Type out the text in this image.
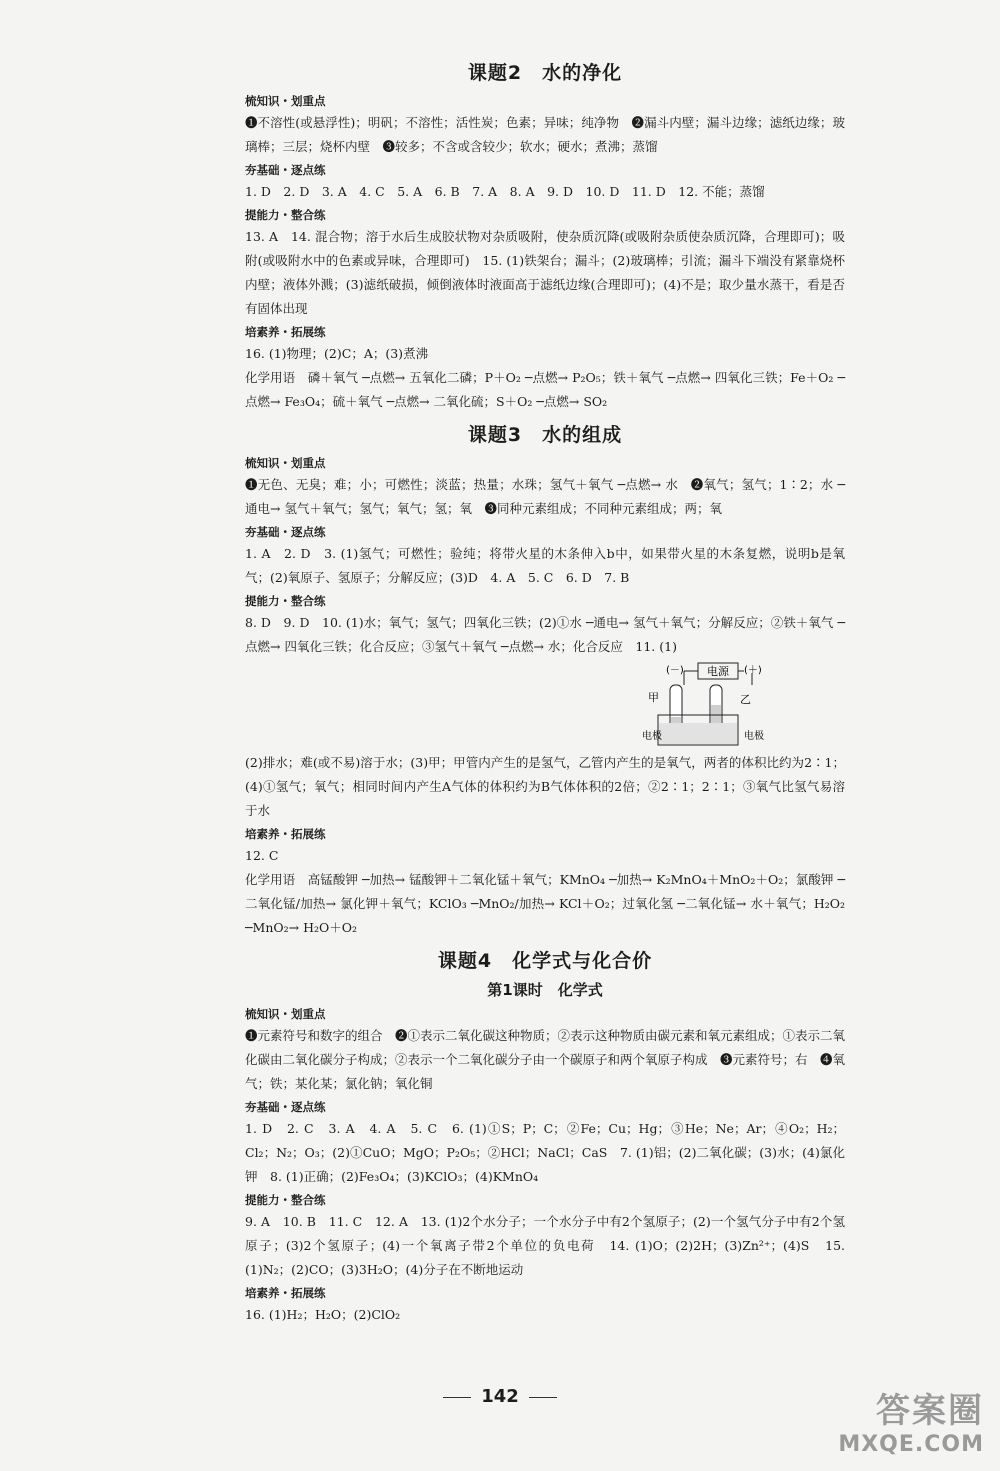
课题2　水的净化
梳知识・划重点

❶不溶性(或悬浮性)；明矾；不溶性；活性炭；色素；异味；纯净物　❷漏斗内壁；漏斗边缘；滤纸边缘；玻璃棒；三层；烧杯内壁　❸较多；不含或含较少；软水；硬水；煮沸；蒸馏

夯基础・逐点练

1. D　2. D　3. A　4. C　5. A　6. B　7. A　8. A　9. D　10. D　11. D　12. 不能；蒸馏

提能力・整合练

13. A　14. 混合物；溶于水后生成胶状物对杂质吸附，使杂质沉降(或吸附杂质使杂质沉降，合理即可)；吸附(或吸附水中的色素或异味，合理即可)　15. (1)铁架台；漏斗；(2)玻璃棒；引流；漏斗下端没有紧靠烧杯内壁；液体外溅；(3)滤纸破损，倾倒液体时液面高于滤纸边缘(合理即可)；(4)不是；取少量水蒸干，看是否有固体出现

培素养・拓展练

16. (1)物理；(2)C；A；(3)煮沸

化学用语　磷＋氧气 ─点燃→ 五氧化二磷；P＋O₂ ─点燃→ P₂O₅；铁＋氧气 ─点燃→ 四氧化三铁；Fe＋O₂ ─点燃→ Fe₃O₄；硫＋氧气 ─点燃→ 二氧化硫；S＋O₂ ─点燃→ SO₂

课题3　水的组成
梳知识・划重点

❶无色、无臭；难；小；可燃性；淡蓝；热量；水珠；氢气＋氧气 ─点燃→ 水　❷氧气；氢气；1∶2；水 ─通电→ 氢气＋氧气；氢气；氧气；氢；氧　❸同种元素组成；不同种元素组成；两；氧

夯基础・逐点练

1. A　2. D　3. (1)氢气；可燃性；验纯；将带火星的木条伸入b中，如果带火星的木条复燃，说明b是氧气；(2)氧原子、氢原子；分解反应；(3)D　4. A　5. C　6. D　7. B

提能力・整合练

8. D　9. D　10. (1)水；氧气；氢气；四氧化三铁；(2)①水 ─通电→ 氢气＋氧气；分解反应；②铁＋氧气 ─点燃→ 四氧化三铁；化合反应；③氢气＋氧气 ─点燃→ 水；化合反应　11. (1)

电源
(－)	(＋)
甲	乙
电极	电极

(2)排水；难(或不易)溶于水；(3)甲；甲管内产生的是氢气，乙管内产生的是氧气，两者的体积比约为2∶1；(4)①氢气；氧气；相同时间内产生A气体的体积约为B气体体积的2倍；②2∶1；2∶1；③氧气比氢气易溶于水

培素养・拓展练

12. C

化学用语　高锰酸钾 ─加热→ 锰酸钾＋二氧化锰＋氧气；KMnO₄ ─加热→ K₂MnO₄＋MnO₂＋O₂；氯酸钾 ─二氧化锰/加热→ 氯化钾＋氧气；KClO₃ ─MnO₂/加热→ KCl＋O₂；过氧化氢 ─二氧化锰→ 水＋氧气；H₂O₂ ─MnO₂→ H₂O＋O₂

课题4　化学式与化合价
第1课时　化学式
梳知识・划重点

❶元素符号和数字的组合　❷①表示二氧化碳这种物质；②表示这种物质由碳元素和氧元素组成；①表示二氧化碳由二氧化碳分子构成；②表示一个二氧化碳分子由一个碳原子和两个氧原子构成　❸元素符号；右　❹氧气；铁；某化某；氯化钠；氧化铜

夯基础・逐点练

1. D　2. C　3. A　4. A　5. C　6. (1)①S；P；C；②Fe；Cu；Hg；③He；Ne；Ar；④O₂；H₂；Cl₂；N₂；O₃；(2)①CuO；MgO；P₂O₅；②HCl；NaCl；CaS　7. (1)铝；(2)二氧化碳；(3)水；(4)氯化钾　8. (1)正确；(2)Fe₃O₄；(3)KClO₃；(4)KMnO₄

提能力・整合练

9. A　10. B　11. C　12. A　13. (1)2个水分子；一个水分子中有2个氢原子；(2)一个氢气分子中有2个氢原子；(3)2个氢原子；(4)一个氧离子带2个单位的负电荷　14. (1)O；(2)2H；(3)Zn²⁺；(4)S　15. (1)N₂；(2)CO；(3)3H₂O；(4)分子在不断地运动

培素养・拓展练

16. (1)H₂；H₂O；(2)ClO₂

142	答案圈
MXQE.COM
